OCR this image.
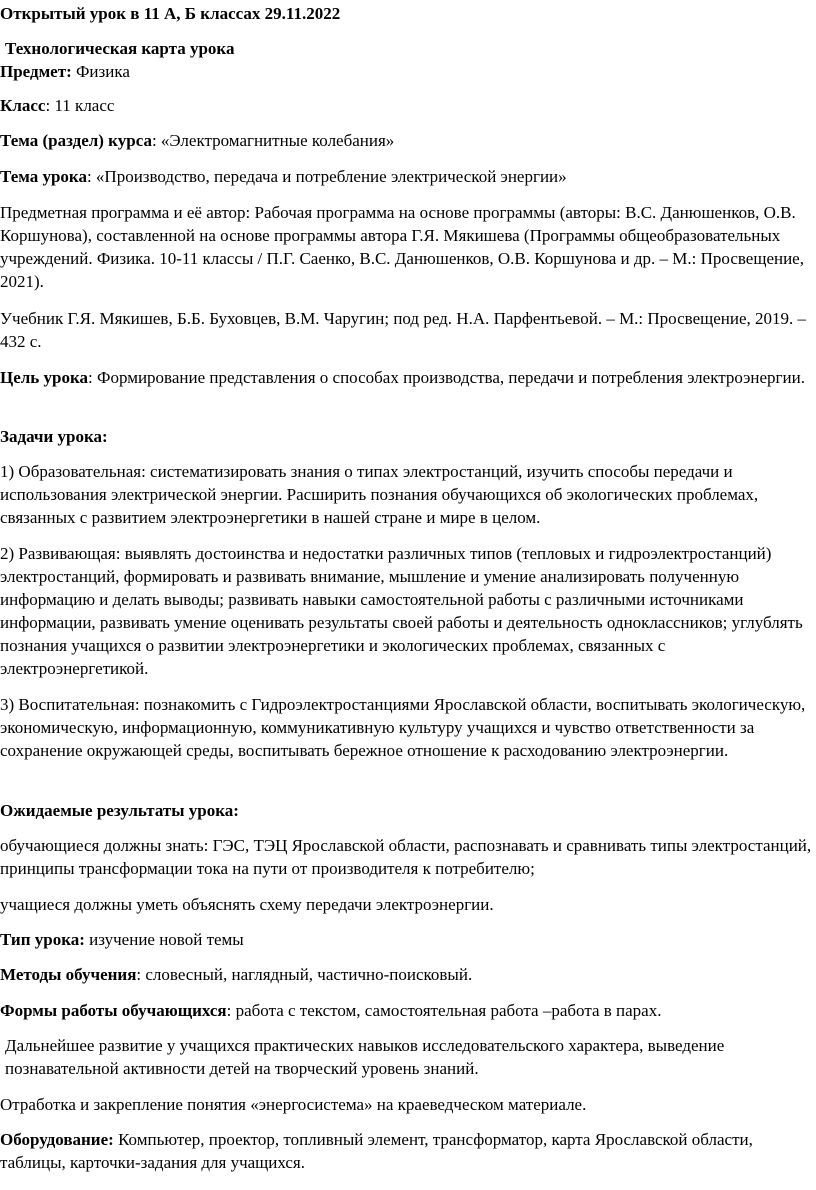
Открытый урок в 11 А, Б классах 29.11.2022

Технологическая карта урока

Предмет: Физика

Класс: 11 класс

Тема (раздел) курса: «Электромагнитные колебания»

Тема урока: «Производство, передача и потребление электрической энергии»

Предметная программа и её автор: Рабочая программа на основе программы (авторы: В.С. Данюшенков, О.В. Коршунова), составленной на основе программы автора Г.Я. Мякишева (Программы общеобразовательных учреждений. Физика. 10-11 классы / П.Г. Саенко, В.С. Данюшенков, О.В. Коршунова и др. – М.: Просвещение, 2021).

Учебник Г.Я. Мякишев, Б.Б. Буховцев, В.М. Чаругин; под ред. Н.А. Парфентьевой. – М.: Просвещение, 2019. – 432 с.

Цель урока: Формирование представления о способах производства, передачи и потребления электроэнергии.

Задачи урока:

1) Образовательная: систематизировать знания о типах электростанций, изучить способы передачи и использования электрической энергии. Расширить познания обучающихся об экологических проблемах, связанных с развитием электроэнергетики в нашей стране и мире в целом.

2) Развивающая: выявлять достоинства и недостатки различных типов (тепловых и гидроэлектростанций) электростанций, формировать и развивать внимание, мышление и умение анализировать полученную информацию и делать выводы; развивать навыки самостоятельной работы с различными источниками информации, развивать умение оценивать результаты своей работы и деятельность одноклассников; углублять познания учащихся о развитии электроэнергетики и экологических проблемах, связанных с электроэнергетикой.

3) Воспитательная: познакомить с Гидроэлектростанциями Ярославской области, воспитывать экологическую, экономическую, информационную, коммуникативную культуру учащихся и чувство ответственности за сохранение окружающей среды, воспитывать бережное отношение к расходованию электроэнергии.

Ожидаемые результаты урока:

обучающиеся должны знать: ГЭС, ТЭЦ Ярославской области, распознавать и сравнивать типы электростанций, принципы трансформации тока на пути от производителя к потребителю;

учащиеся должны уметь объяснять схему передачи электроэнергии.

Тип урока: изучение новой темы

Методы обучения: словесный, наглядный, частично-поисковый.

Формы работы обучающихся: работа с текстом, самостоятельная работа –работа в парах.

Дальнейшее развитие у учащихся практических навыков исследовательского характера, выведение познавательной активности детей на творческий уровень знаний.

Отработка и закрепление понятия «энергосистема» на краеведческом материале.

Оборудование: Компьютер, проектор, топливный элемент, трансформатор, карта Ярославской области, таблицы, карточки-задания для учащихся.
